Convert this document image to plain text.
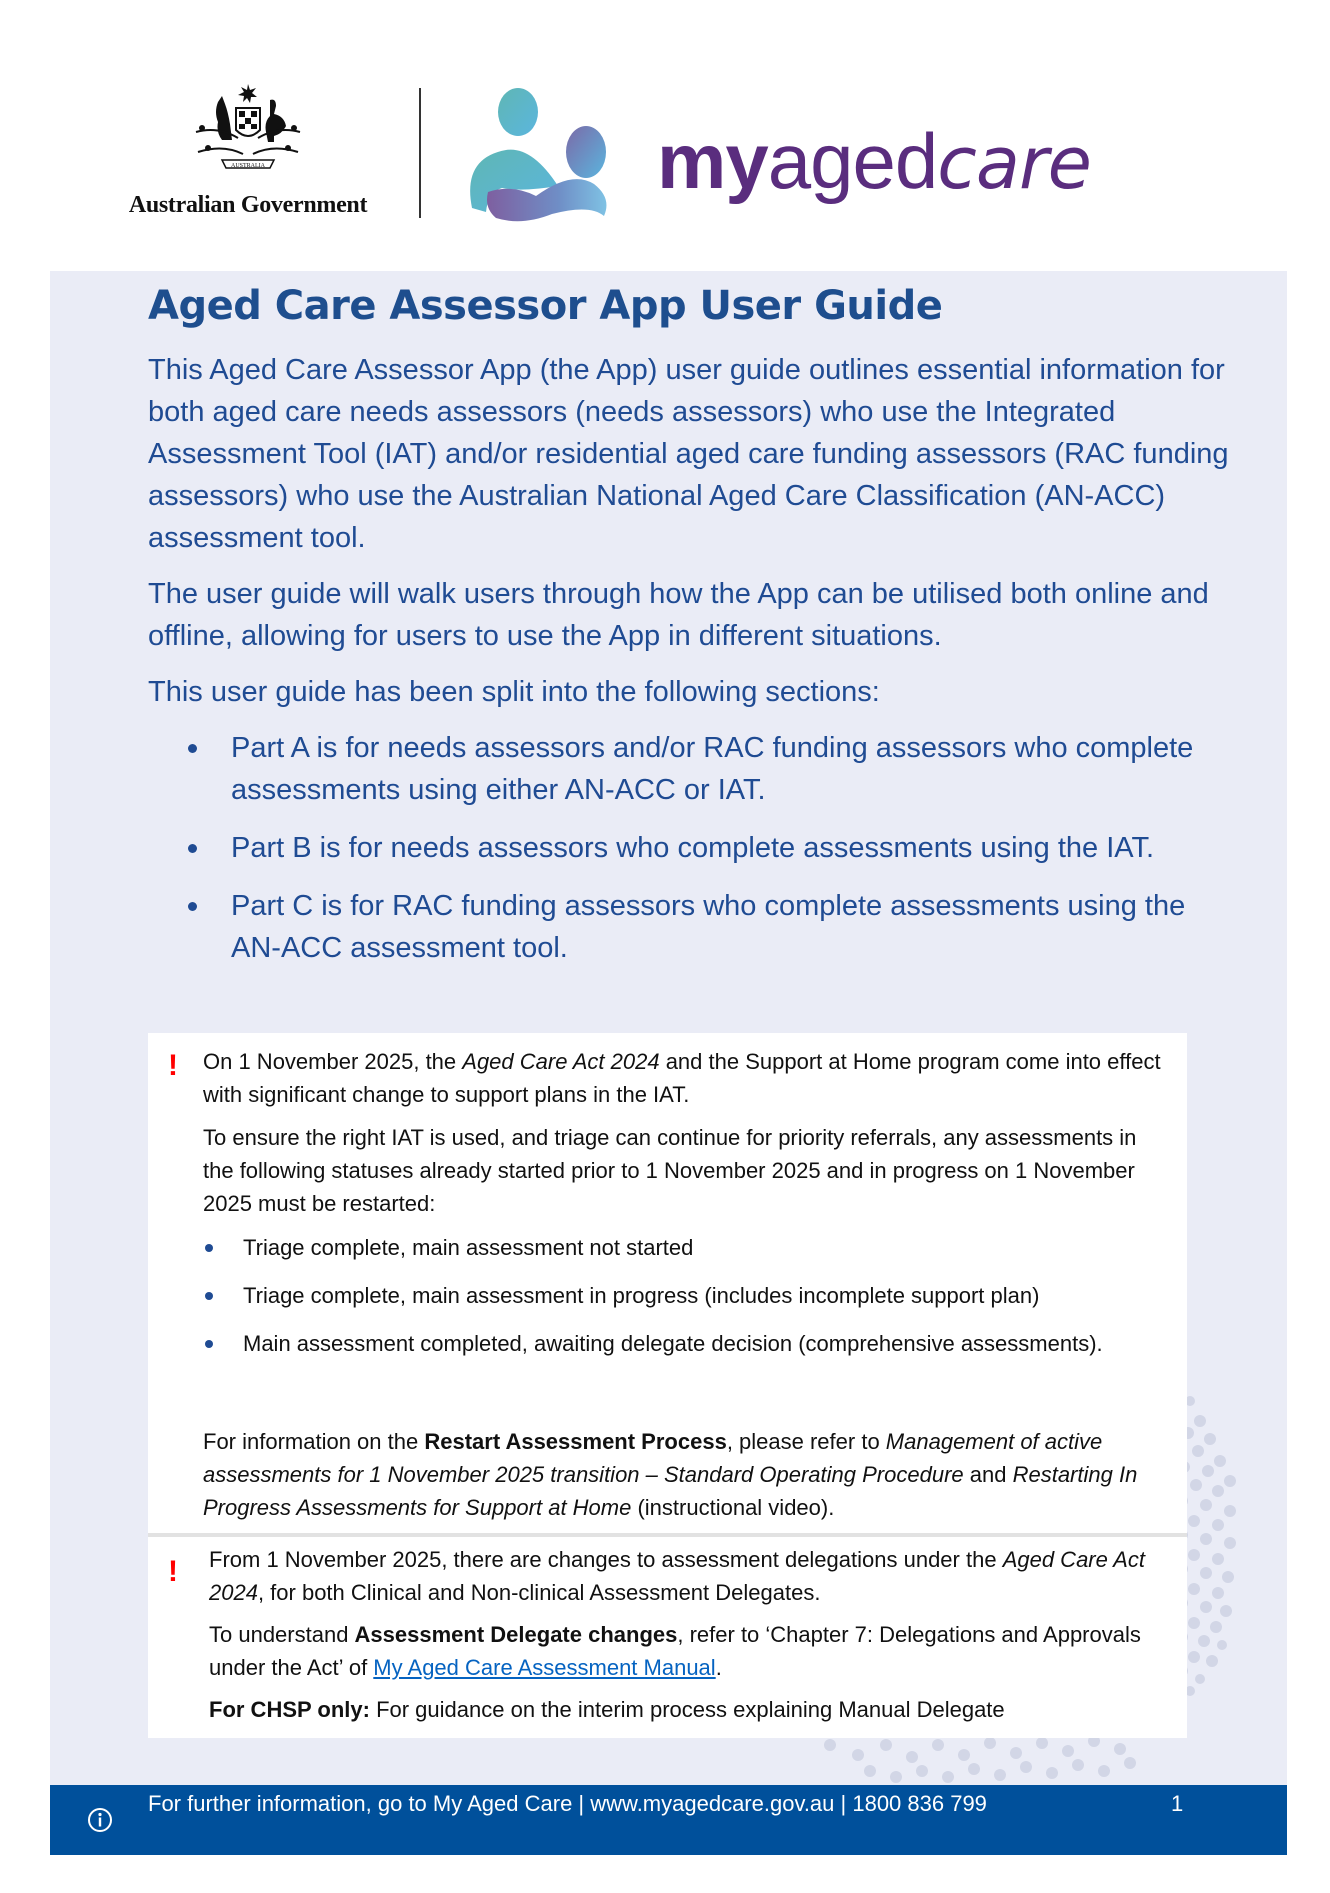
AUSTRALIA
Australian Government	myagedcare
Aged Care Assessor App User Guide

This Aged Care Assessor App (the App) user guide outlines essential information for both aged care needs assessors (needs assessors) who use the Integrated Assessment Tool (IAT) and/or residential aged care funding assessors (RAC funding assessors) who use the Australian National Aged Care Classification (AN-ACC) assessment tool.

The user guide will walk users through how the App can be utilised both online and offline, allowing for users to use the App in different situations.

This user guide has been split into the following sections:

Part A is for needs assessors and/or RAC funding assessors who complete assessments using either AN-ACC or IAT.
Part B is for needs assessors who complete assessments using the IAT.
Part C is for RAC funding assessors who complete assessments using the AN-ACC assessment tool.
! On 1 November 2025, the Aged Care Act 2024 and the Support at Home program come into effect with significant change to support plans in the IAT.

To ensure the right IAT is used, and triage can continue for priority referrals, any assessments in the following statuses already started prior to 1 November 2025 and in progress on 1 November 2025 must be restarted:

Triage complete, main assessment not started
Triage complete, main assessment in progress (includes incomplete support plan)
Main assessment completed, awaiting delegate decision (comprehensive assessments).

For information on the Restart Assessment Process, please refer to Management of active assessments for 1 November 2025 transition – Standard Operating Procedure and Restarting In Progress Assessments for Support at Home (instructional video).

! From 1 November 2025, there are changes to assessment delegations under the Aged Care Act 2024, for both Clinical and Non-clinical Assessment Delegates.

To understand Assessment Delegate changes, refer to ‘Chapter 7: Delegations and Approvals under the Act’ of My Aged Care Assessment Manual.

For CHSP only: For guidance on the interim process explaining Manual Delegate

For further information, go to My Aged Care | www.myagedcare.gov.au | 1800 836 799	1
